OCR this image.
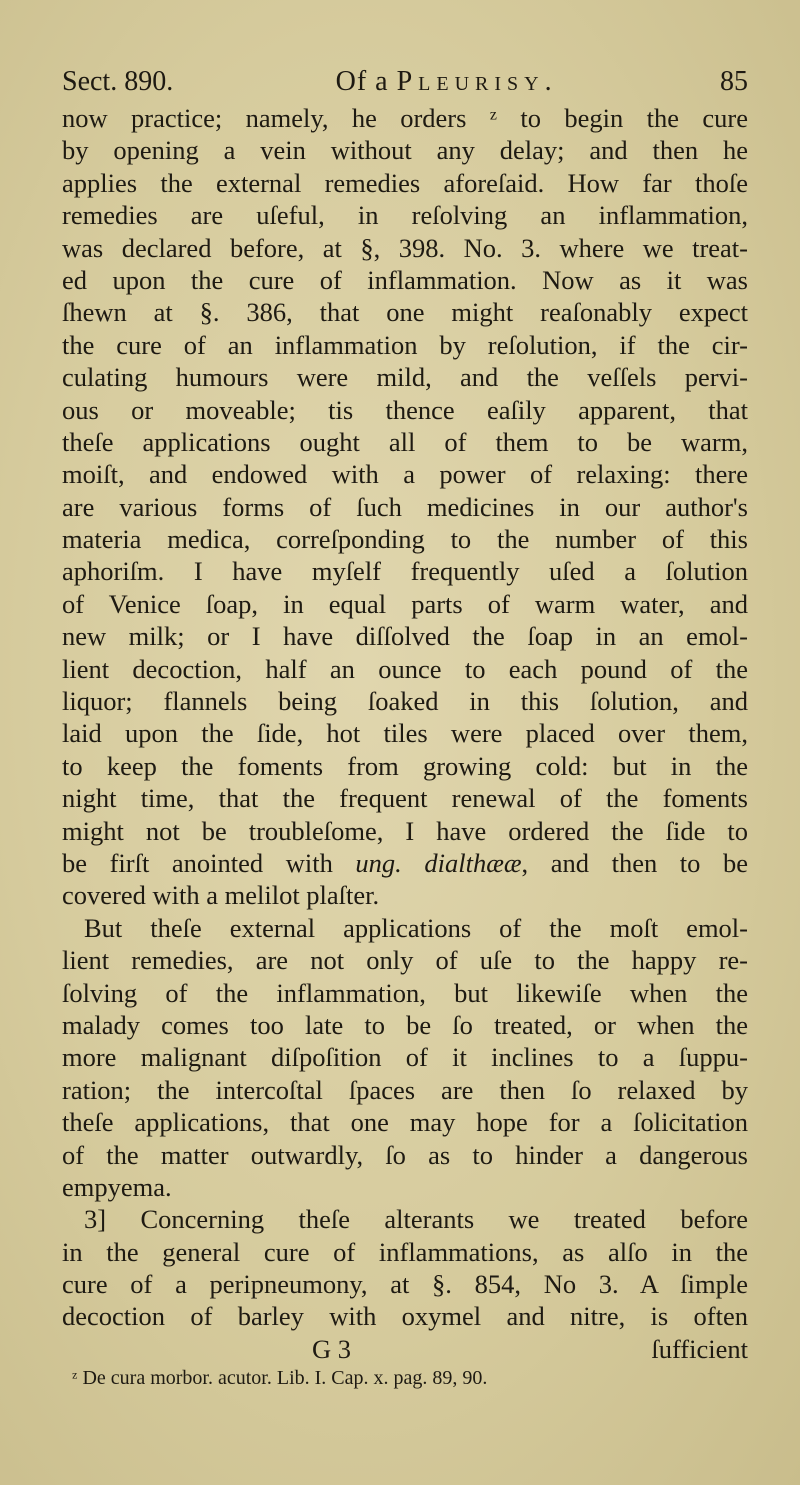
Sect. 890.	Of a Pleurisy.	85
now practice; namely, he orders ᶻ to begin the cure
by opening a vein without any delay; and then he
applies the external remedies aforeſaid. How far thoſe
remedies are uſeful, in reſolving an inflammation,
was declared before, at §, 398. No. 3. where we treat-
ed upon the cure of inflammation. Now as it was
ſhewn at §. 386, that one might reaſonably expect
the cure of an inflammation by reſolution, if the cir-
culating humours were mild, and the veſſels pervi-
ous or moveable; tis thence eaſily apparent, that
theſe applications ought all of them to be warm,
moiſt, and endowed with a power of relaxing: there
are various forms of ſuch medicines in our author's
materia medica, correſponding to the number of this
aphoriſm. I have myſelf frequently uſed a ſolution
of Venice ſoap, in equal parts of warm water, and
new milk; or I have diſſolved the ſoap in an emol-
lient decoction, half an ounce to each pound of the
liquor; flannels being ſoaked in this ſolution, and
laid upon the ſide, hot tiles were placed over them,
to keep the foments from growing cold: but in the
night time, that the frequent renewal of the foments
might not be troubleſome, I have ordered the ſide to
be firſt anointed with ung. dialthææ, and then to be
covered with a melilot plaſter.
But theſe external applications of the moſt emol-
lient remedies, are not only of uſe to the happy re-
ſolving of the inflammation, but likewiſe when the
malady comes too late to be ſo treated, or when the
more malignant diſpoſition of it inclines to a ſuppu-
ration; the intercoſtal ſpaces are then ſo relaxed by
theſe applications, that one may hope for a ſolicitation
of the matter outwardly, ſo as to hinder a dangerous
empyema.
3] Concerning theſe alterants we treated before
in the general cure of inflammations, as alſo in the
cure of a peripneumony, at §. 854, No 3. A ſimple
decoction of barley with oxymel and nitre, is often
G 3	ſufficient
ᶻ De cura morbor. acutor. Lib. I. Cap. x. pag. 89, 90.
